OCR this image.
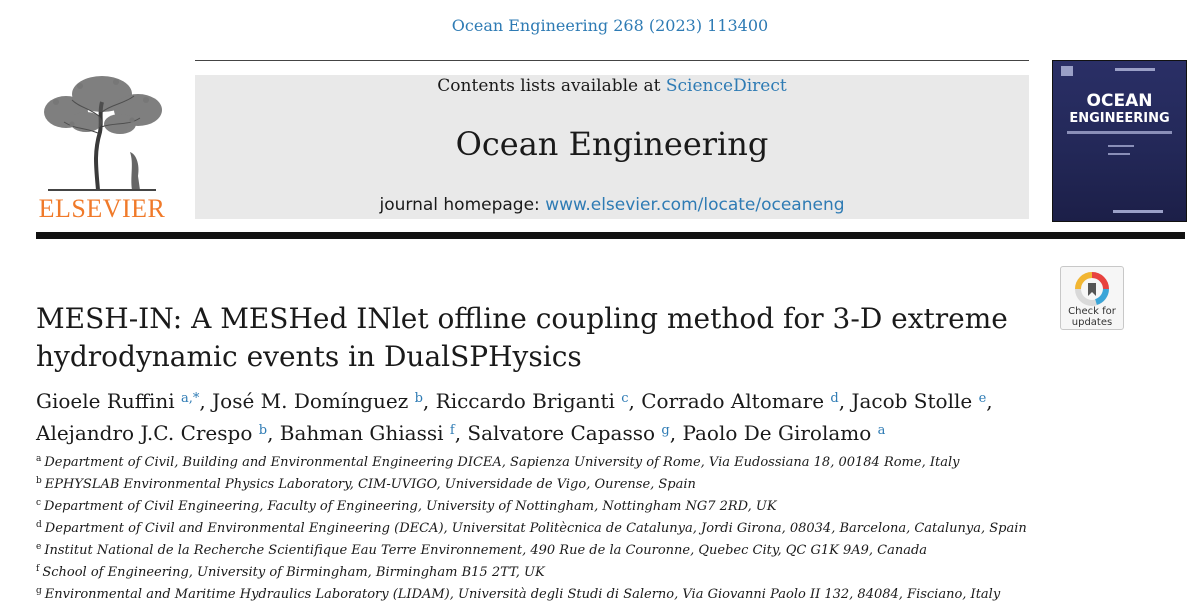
Ocean Engineering 268 (2023) 113400
ELSEVIER
Contents lists available at ScienceDirect
Ocean Engineering
journal homepage: www.elsevier.com/locate/oceaneng
OCEAN
ENGINEERING
Check for
updates
MESH-IN: A MESHed INlet offline coupling method for 3-D extreme
hydrodynamic events in DualSPHysics
Gioele Ruffini $^{a,*}$, José M. Domínguez $^b$, Riccardo Briganti $^c$, Corrado Altomare $^d$, Jacob Stolle $^e$,
Alejandro J.C. Crespo $^b$, Bahman Ghiassi $^f$, Salvatore Capasso $^g$, Paolo De Girolamo $^a$
$^a$ Department of Civil, Building and Environmental Engineering DICEA, Sapienza University of Rome, Via Eudossiana 18, 00184 Rome, Italy
$^b$ EPHYSLAB Environmental Physics Laboratory, CIM-UVIGO, Universidade de Vigo, Ourense, Spain
$^c$ Department of Civil Engineering, Faculty of Engineering, University of Nottingham, Nottingham NG7 2RD, UK
$^d$ Department of Civil and Environmental Engineering (DECA), Universitat Politècnica de Catalunya, Jordi Girona, 08034, Barcelona, Catalunya, Spain
$^e$ Institut National de la Recherche Scientifique Eau Terre Environnement, 490 Rue de la Couronne, Quebec City, QC G1K 9A9, Canada
$^f$ School of Engineering, University of Birmingham, Birmingham B15 2TT, UK
$^g$ Environmental and Maritime Hydraulics Laboratory (LIDAM), Università degli Studi di Salerno, Via Giovanni Paolo II 132, 84084, Fisciano, Italy
